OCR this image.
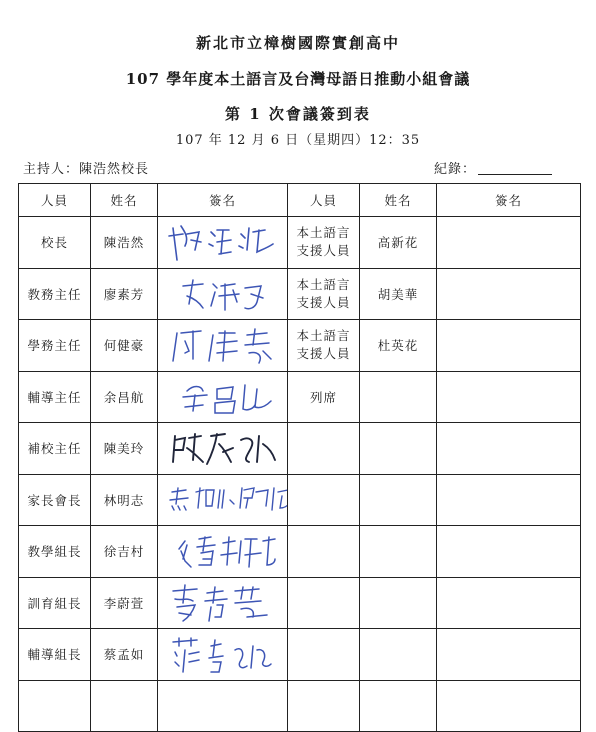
新北市立樟樹國際實創高中
107 學年度本土語言及台灣母語日推動小組會議
第 1 次會議簽到表
107 年 12 月 6 日（星期四）12：35
主持人：陳浩然校長	紀錄：
人員	姓名	簽名	人員	姓名	簽名
校長	陳浩然		本土語言
支援人員	高新花	
教務主任	廖素芳		本土語言
支援人員	胡美華	
學務主任	何健豪		本土語言
支援人員	杜英花	
輔導主任	余昌航		列席		
補校主任	陳美玲	

家長會長	林明志	

教學組長	徐吉村	

訓育組長	李蔚萱	

輔導組長	蔡孟如	
